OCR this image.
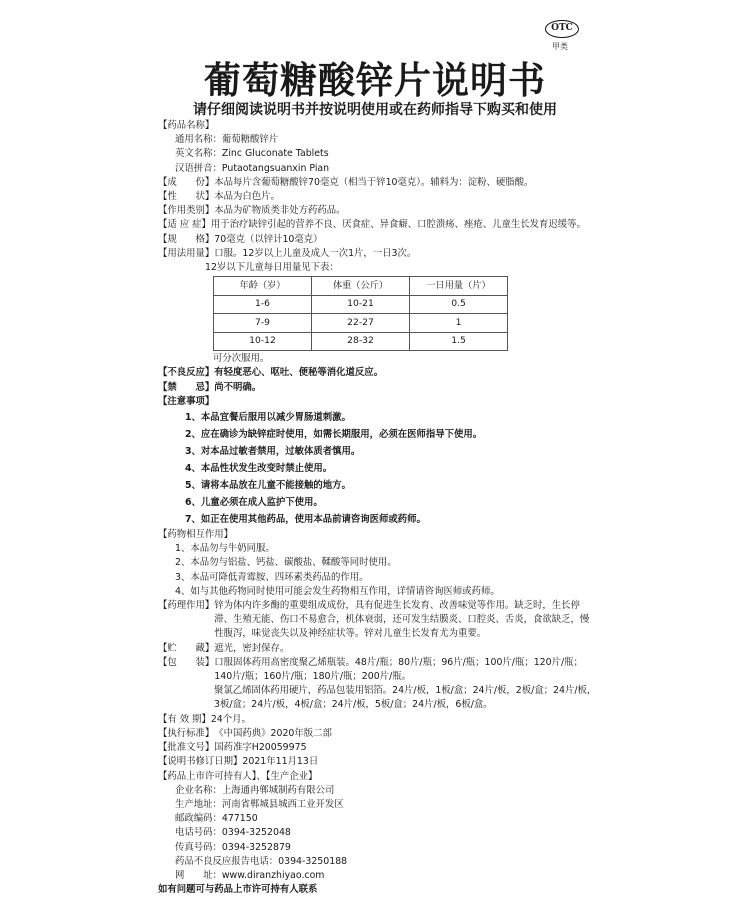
OTC
甲类
葡萄糖酸锌片说明书
请仔细阅读说明书并按说明使用或在药师指导下购买和使用
【药品名称】
通用名称： 葡萄糖酸锌片
英文名称： Zinc Gluconate Tablets
汉语拼音： Putaotangsuanxin Pian
【成　　份】 本品每片含葡萄糖酸锌70毫克（相当于锌10毫克）。辅料为：淀粉、硬脂酸。
【性　　状】 本品为白色片。
【作用类别】 本品为矿物质类非处方药药品。
【适 应 症】 用于治疗缺锌引起的营养不良、厌食症、异食癖、口腔溃疡、痤疮、儿童生长发育迟缓等。
【规　　格】 70毫克（以锌计10毫克）
【用法用量】 口服。12岁以上儿童及成人一次1片，一日3次。
12岁以下儿童每日用量见下表：
年龄（岁）	体重（公斤）	一日用量（片）
1-6	10-21	0.5
7-9	22-27	1
10-12	28-32	1.5
可分次服用。
【不良反应】 有轻度恶心、呕吐、便秘等消化道反应。
【禁　　忌】 尚不明确。
【注意事项】
1、本品宜餐后服用以减少胃肠道刺激。
2、应在确诊为缺锌症时使用，如需长期服用，必须在医师指导下使用。
3、对本品过敏者禁用，过敏体质者慎用。
4、本品性状发生改变时禁止使用。
5、请将本品放在儿童不能接触的地方。
6、儿童必须在成人监护下使用。
7、如正在使用其他药品，使用本品前请咨询医师或药师。
【药物相互作用】
1、本品勿与牛奶同服。
2、本品勿与铝盐、钙盐、碳酸盐、鞣酸等同时使用。
3、本品可降低青霉胺、四环素类药品的作用。
4、如与其他药物同时使用可能会发生药物相互作用，详情请咨询医师或药师。
【药理作用】 锌为体内许多酶的重要组成成份，具有促进生长发育、改善味觉等作用。缺乏时，生长停滞、生殖无能、伤口不易愈合，机体衰弱，还可发生结膜炎、口腔炎、舌炎，食欲缺乏，慢性腹泻，味觉丧失以及神经症状等。锌对儿童生长发育尤为重要。
【贮　　藏】 遮光，密封保存。
【包　　装】 口服固体药用高密度聚乙烯瓶装。48片/瓶；80片/瓶；96片/瓶；100片/瓶；120片/瓶；140片/瓶；160片/瓶；180片/瓶；200片/瓶。
聚氯乙烯固体药用硬片，药品包装用铝箔。24片/板，1板/盒；24片/板，2板/盒；24片/板，3板/盒；24片/板，4板/盒；24片/板，5板/盒；24片/板，6板/盒。
【有 效 期】 24个月。
【执行标准】 《中国药典》2020年版二部
【批准文号】 国药准字H20059975
【说明书修订日期】 2021年11月13日
【药品上市许可持有人】、【生产企业】
企业名称： 上海通冉郸城制药有限公司
生产地址： 河南省郸城县城西工业开发区
邮政编码： 477150
电话号码： 0394-3252048
传真号码： 0394-3252879
药品不良反应报告电话： 0394-3250188
网　　址： www.diranzhiyao.com
如有问题可与药品上市许可持有人联系
